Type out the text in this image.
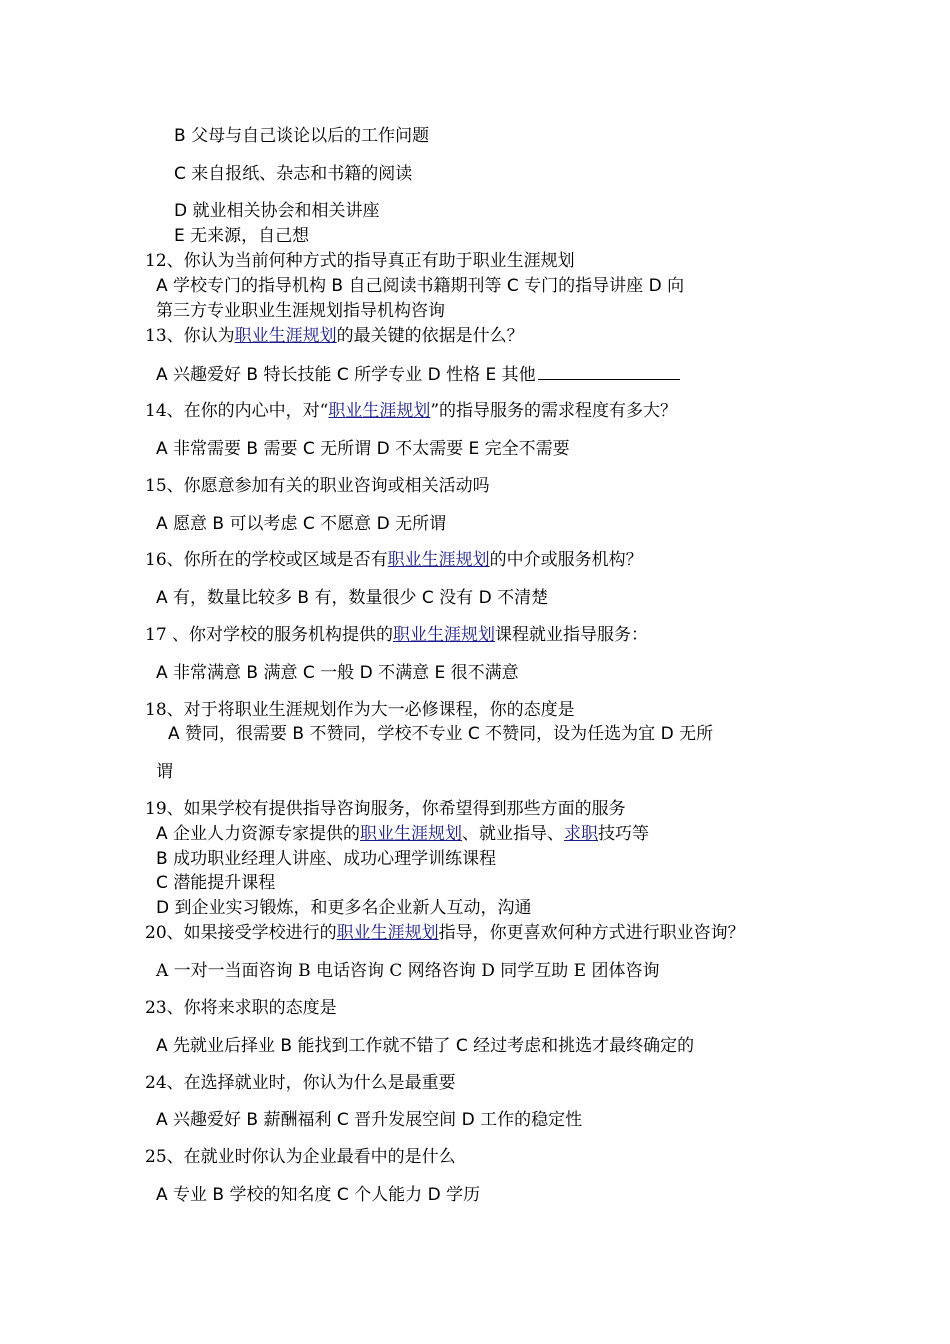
B 父母与自己谈论以后的工作问题
C 来自报纸、杂志和书籍的阅读
D 就业相关协会和相关讲座
E 无来源，自己想
12、你认为当前何种方式的指导真正有助于职业生涯规划
A 学校专门的指导机构 B 自己阅读书籍期刊等 C 专门的指导讲座 D 向
第三方专业职业生涯规划指导机构咨询
13、你认为职业生涯规划的最关键的依据是什么？
A 兴趣爱好 B 特长技能 C 所学专业 D 性格 E 其他
14、在你的内心中，对“职业生涯规划”的指导服务的需求程度有多大？
A 非常需要 B 需要 C 无所谓 D 不太需要 E 完全不需要
15、你愿意参加有关的职业咨询或相关活动吗
A 愿意 B 可以考虑 C 不愿意 D 无所谓
16、你所在的学校或区域是否有职业生涯规划的中介或服务机构？
A 有，数量比较多 B 有，数量很少 C 没有 D 不清楚
17 、你对学校的服务机构提供的职业生涯规划课程就业指导服务：
A 非常满意 B 满意 C 一般 D 不满意 E 很不满意
18、对于将职业生涯规划作为大一必修课程，你的态度是
A 赞同，很需要 B 不赞同，学校不专业 C 不赞同，设为任选为宜 D 无所
谓
19、如果学校有提供指导咨询服务，你希望得到那些方面的服务
A 企业人力资源专家提供的职业生涯规划、就业指导、求职技巧等
B 成功职业经理人讲座、成功心理学训练课程
C 潜能提升课程
D 到企业实习锻炼，和更多名企业新人互动，沟通
20、如果接受学校进行的职业生涯规划指导，你更喜欢何种方式进行职业咨询？
A 一对一当面咨询 B 电话咨询 C 网络咨询 D 同学互助 E 团体咨询
23、你将来求职的态度是
A 先就业后择业 B 能找到工作就不错了 C 经过考虑和挑选才最终确定的
24、在选择就业时，你认为什么是最重要
A 兴趣爱好 B 薪酬福利 C 晋升发展空间 D 工作的稳定性
25、在就业时你认为企业最看中的是什么
A 专业 B 学校的知名度 C 个人能力 D 学历
